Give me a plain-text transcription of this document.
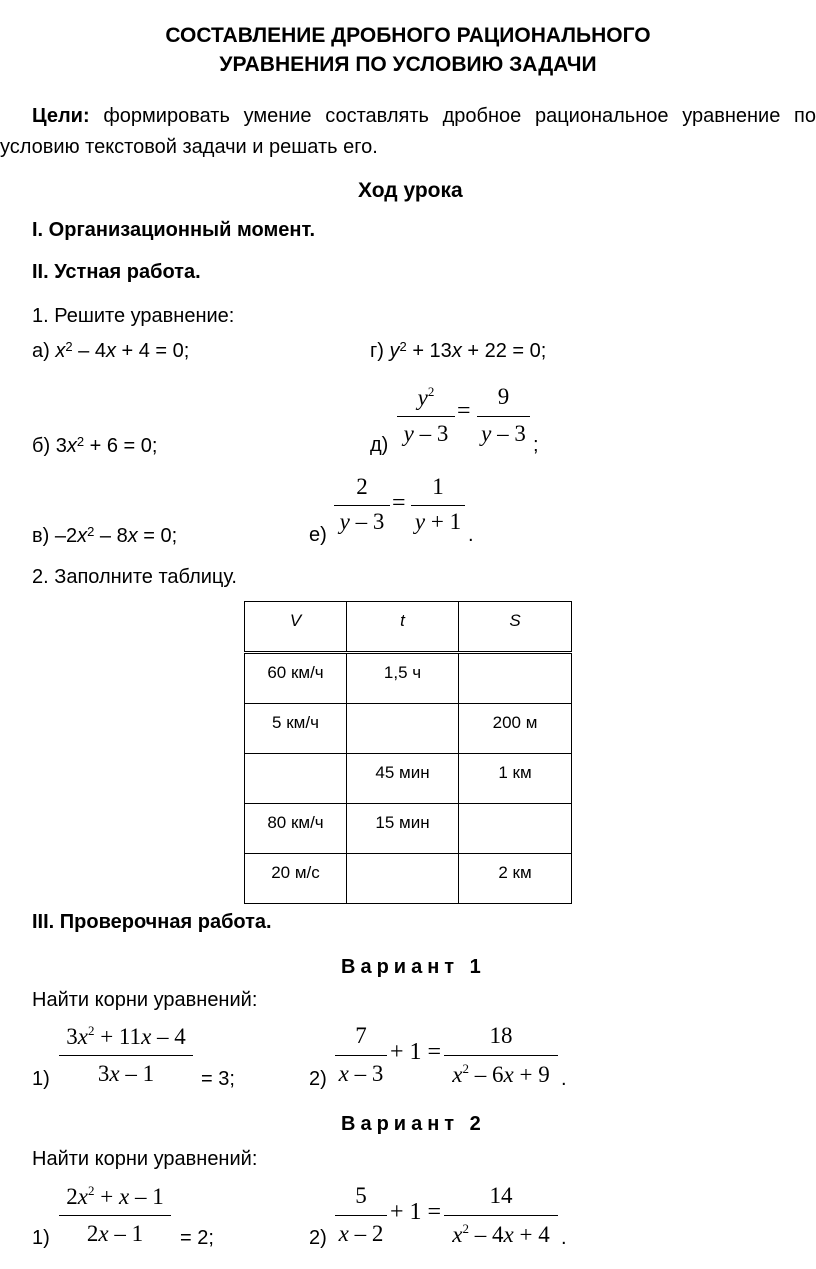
СОСТАВЛЕНИЕ ДРОБНОГО РАЦИОНАЛЬНОГО
УРАВНЕНИЯ ПО УСЛОВИЮ ЗАДАЧИ
Цели: формировать умение составлять дробное рациональное уравнение по
условию текстовой задачи и решать его.
Ход урока
I. Организационный момент.
II. Устная работа.
1. Решите уравнение:
а) $x^2 - 4x + 4 = 0$;	г) $y^2 + 13x + 22 = 0$;
б) $3x^2 + 6 = 0$;	д)
$y^2$
y – 3
=
9
y – 3 ;
в) $-2x^2 - 8x = 0$;	е)
2
y – 3
=
1
y + 1
.
2. Заполните таблицу.
V	t	S

60 км/ч	1,5 ч	

5 км/ч		200 м

	45 мин	1 км

80 км/ч	15 мин	

20 м/с		2 км
III. Проверочная работа.
Вариант 1
Найти корни уравнений:
1)
$3x^2 + 11x - 4$
3x – 1	= 3;	2)
7
x – 3
+ 1 =
18
$x^2 - 6x + 9$ .
Вариант 2
Найти корни уравнений:
1)
$2x^2 + x - 1$
2x – 1	= 2;	2)
5
x – 2
+ 1 =
14
$x^2 - 4x + 4$ .
